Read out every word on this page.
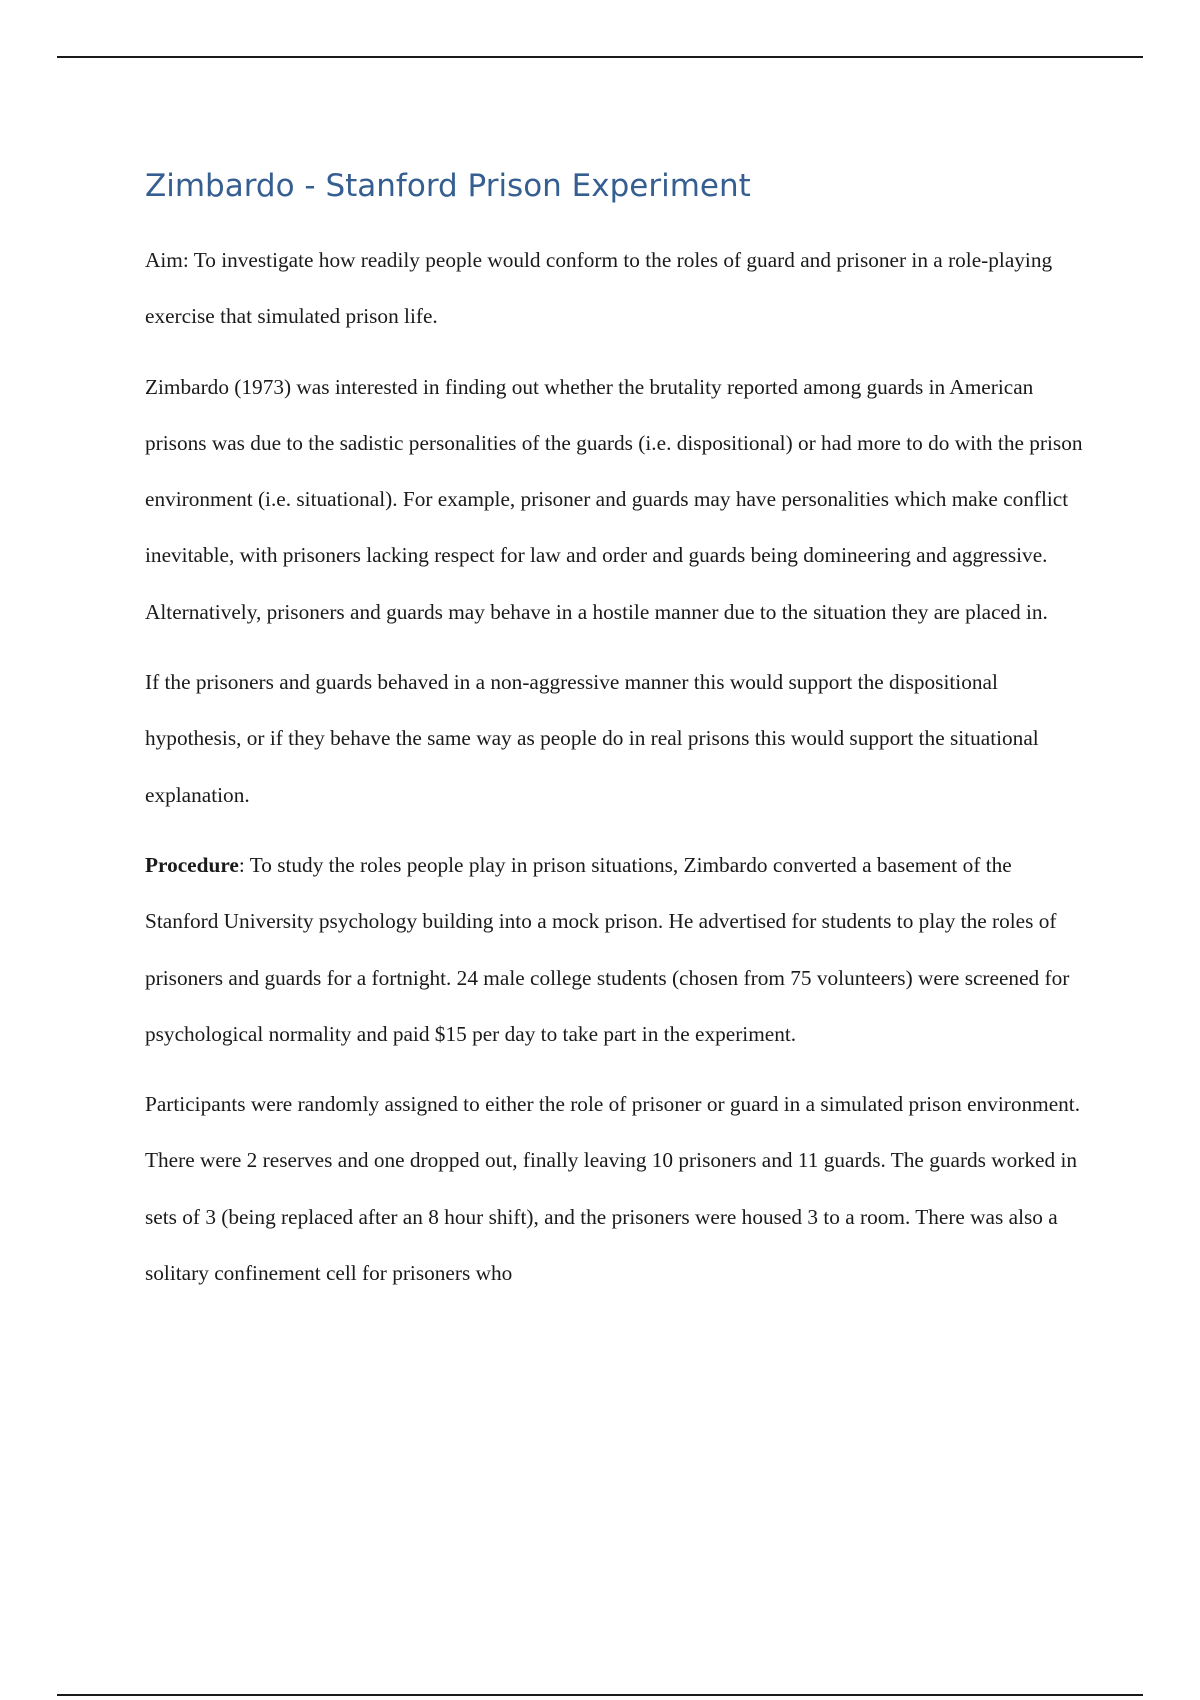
Zimbardo - Stanford Prison Experiment

Aim: To investigate how readily people would conform to the roles of guard and prisoner in a role-playing exercise that simulated prison life.

Zimbardo (1973) was interested in finding out whether the brutality reported among guards in American prisons was due to the sadistic personalities of the guards (i.e. dispositional) or had more to do with the prison environment (i.e. situational). For example, prisoner and guards may have personalities which make conflict inevitable, with prisoners lacking respect for law and order and guards being domineering and aggressive. Alternatively, prisoners and guards may behave in a hostile manner due to the situation they are placed in.

If the prisoners and guards behaved in a non-aggressive manner this would support the dispositional hypothesis, or if they behave the same way as people do in real prisons this would support the situational explanation.

Procedure: To study the roles people play in prison situations, Zimbardo converted a basement of the Stanford University psychology building into a mock prison. He advertised for students to play the roles of prisoners and guards for a fortnight. 24 male college students (chosen from 75 volunteers) were screened for psychological normality and paid $15 per day to take part in the experiment.

Participants were randomly assigned to either the role of prisoner or guard in a simulated prison environment. There were 2 reserves and one dropped out, finally leaving 10 prisoners and 11 guards. The guards worked in sets of 3 (being replaced after an 8 hour shift), and the prisoners were housed 3 to a room. There was also a solitary confinement cell for prisoners who
